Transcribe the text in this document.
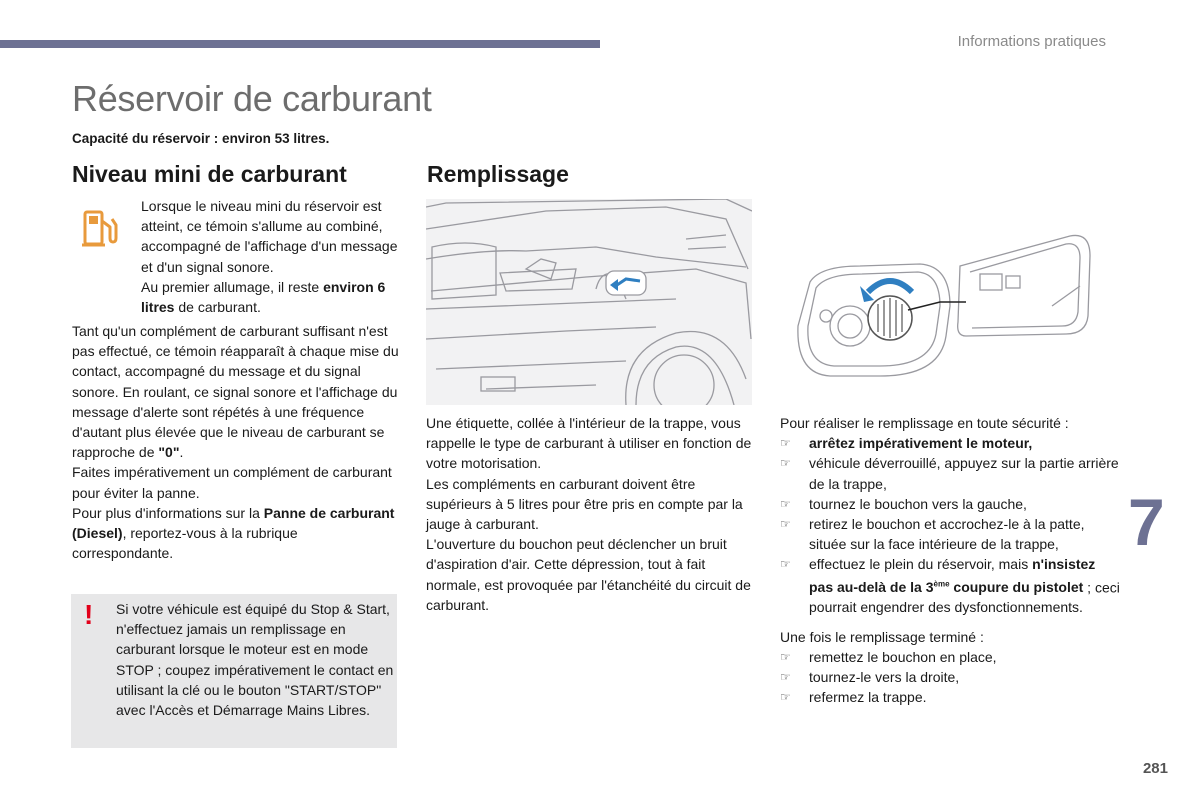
Informations pratiques
Réservoir de carburant
Capacité du réservoir : environ 53 litres.
Niveau mini de carburant	Remplissage

Lorsque le niveau mini du réservoir est atteint, ce témoin s'allume au combiné, accompagné de l'affichage d'un message et d'un signal sonore.

Au premier allumage, il reste environ 6 litres de carburant.

Tant qu'un complément de carburant suffisant n'est pas effectué, ce témoin réapparaît à chaque mise du contact, accompagné du message et du signal sonore. En roulant, ce signal sonore et l'affichage du message d'alerte sont répétés à une fréquence d'autant plus élevée que le niveau de carburant se rapproche de "0".

Faites impérativement un complément de carburant pour éviter la panne.

Pour plus d'informations sur la Panne de carburant (Diesel), reportez-vous à la rubrique correspondante.

! Si votre véhicule est équipé du Stop & Start, n'effectuez jamais un remplissage en carburant lorsque le moteur est en mode STOP ; coupez impérativement le contact en utilisant la clé ou le bouton "START/STOP" avec l'Accès et Démarrage Mains Libres.

Une étiquette, collée à l'intérieur de la trappe, vous rappelle le type de carburant à utiliser en fonction de votre motorisation.

Les compléments en carburant doivent être supérieurs à 5 litres pour être pris en compte par la jauge à carburant.

L'ouverture du bouchon peut déclencher un bruit d'aspiration d'air. Cette dépression, tout à fait normale, est provoquée par l'étanchéité du circuit de carburant.

Pour réaliser le remplissage en toute sécurité :

☞ arrêtez impérativement le moteur,
☞ véhicule déverrouillé, appuyez sur la partie arrière de la trappe,
☞ tournez le bouchon vers la gauche,
☞ retirez le bouchon et accrochez-le à la patte, située sur la face intérieure de la trappe,
☞ effectuez le plein du réservoir, mais n'insistez pas au-delà de la 3ème coupure du pistolet ; ceci pourrait engendrer des dysfonctionnements.

Une fois le remplissage terminé :

☞ remettez le bouchon en place,
☞ tournez-le vers la droite,
☞ refermez la trappe.
7
281
